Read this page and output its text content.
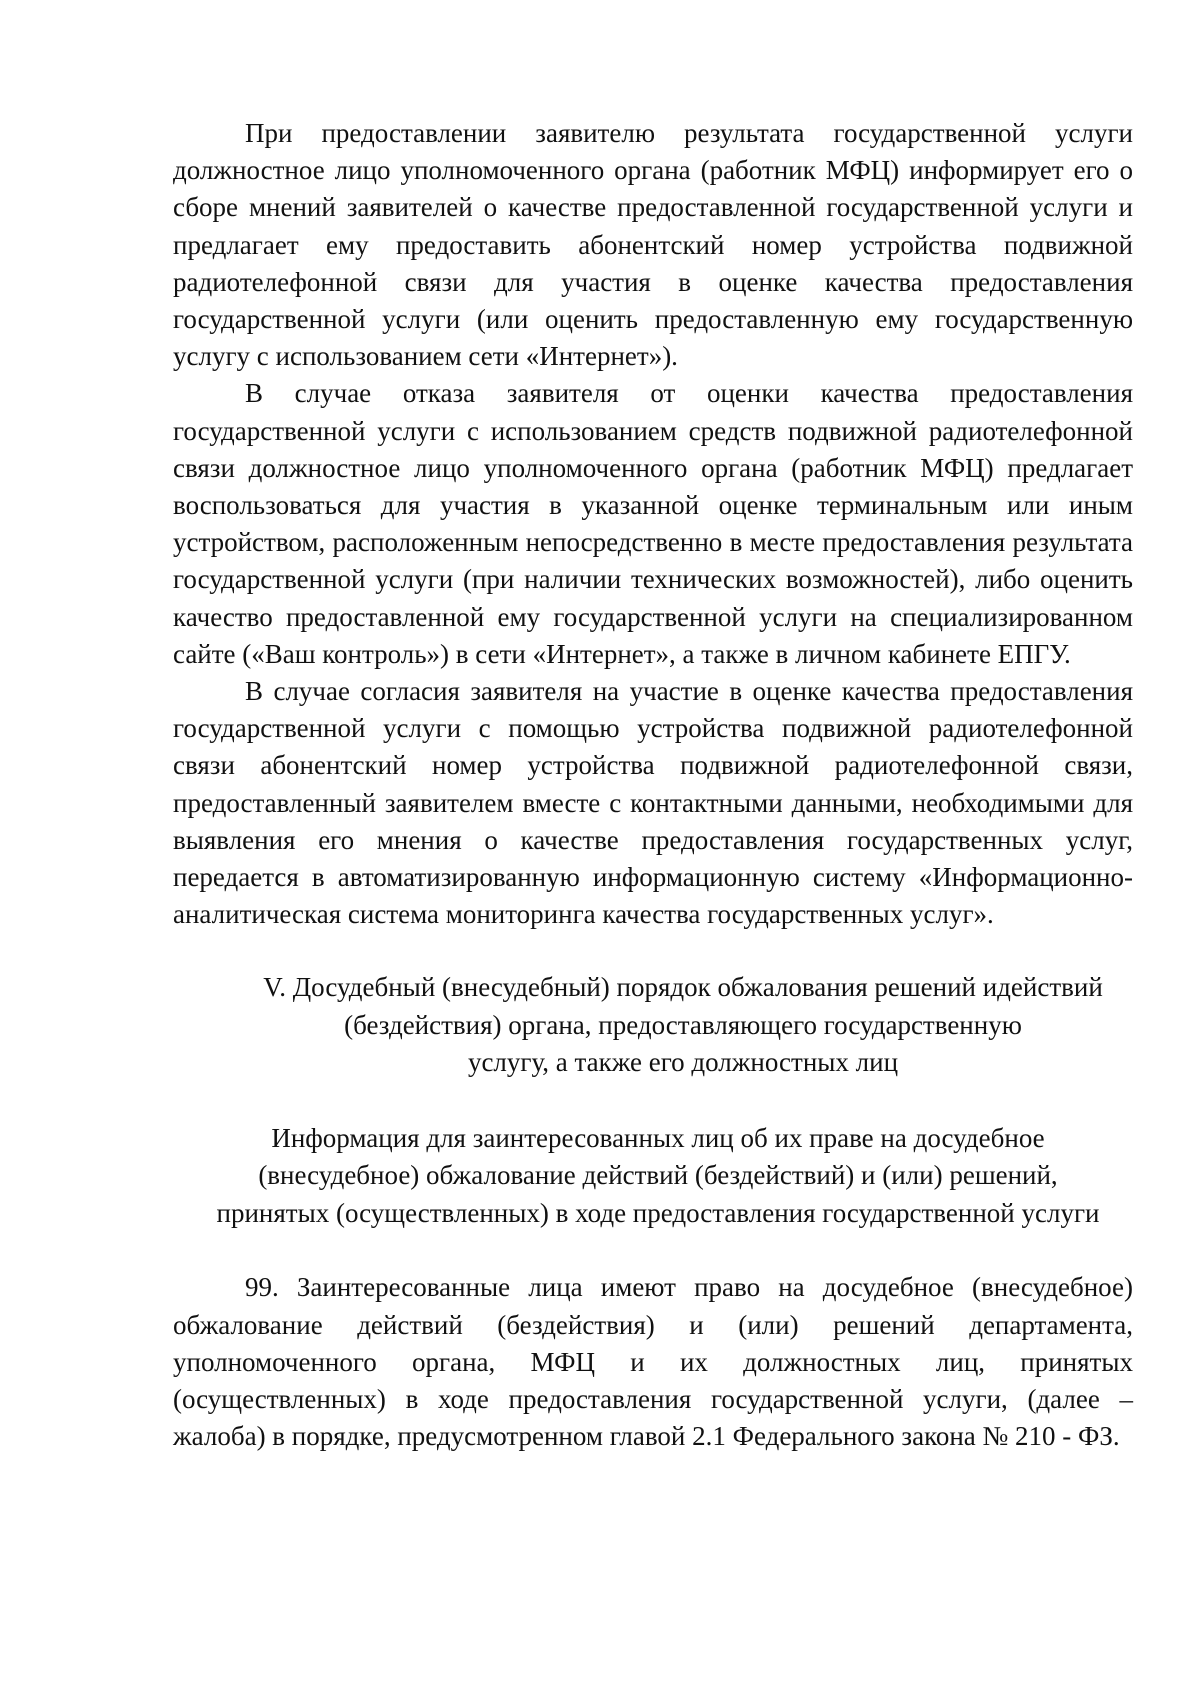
При предоставлении заявителю результата государственной услуги должностное лицо уполномоченного органа (работник МФЦ) информирует его о сборе мнений заявителей о качестве предоставленной государственной услуги и предлагает ему предоставить абонентский номер устройства подвижной радиотелефонной связи для участия в оценке качества предоставления государственной услуги (или оценить предоставленную ему государственную услугу с использованием сети «Интернет»).

В случае отказа заявителя от оценки качества предоставления государственной услуги с использованием средств подвижной радиотелефонной связи должностное лицо уполномоченного органа (работник МФЦ) предлагает воспользоваться для участия в указанной оценке терминальным или иным устройством, расположенным непосредственно в месте предоставления результата государственной услуги (при наличии технических возможностей), либо оценить качество предоставленной ему государственной услуги на специализированном сайте («Ваш контроль») в сети «Интернет», а также в личном кабинете ЕПГУ.

В случае согласия заявителя на участие в оценке качества предоставления государственной услуги с помощью устройства подвижной радиотелефонной связи абонентский номер устройства подвижной радиотелефонной связи, предоставленный заявителем вместе с контактными данными, необходимыми для выявления его мнения о качестве предоставления государственных услуг, передается в автоматизированную информационную систему «Информационно-аналитическая система мониторинга качества государственных услуг».

V. Досудебный (внесудебный) порядок обжалования решений идействий
(бездействия) органа, предоставляющего государственную
услугу, а также его должностных лиц
Информация для заинтересованных лиц об их праве на досудебное
(внесудебное) обжалование действий (бездействий) и (или) решений,
принятых (осуществленных) в ходе предоставления государственной услуги

99. Заинтересованные лица имеют право на досудебное (внесудебное) обжалование действий (бездействия) и (или) решений департамента, уполномоченного органа, МФЦ и их должностных лиц, принятых (осуществленных) в ходе предоставления государственной услуги, (далее – жалоба) в порядке, предусмотренном главой 2.1 Федерального закона № 210 - ФЗ.
